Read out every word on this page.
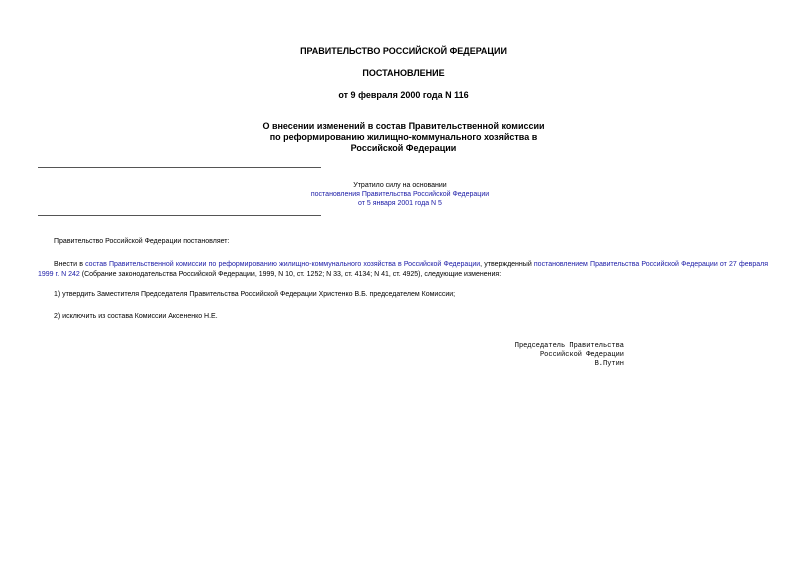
ПРАВИТЕЛЬСТВО РОССИЙСКОЙ ФЕДЕРАЦИИ
ПОСТАНОВЛЕНИЕ
от 9 февраля 2000 года N 116
О внесении изменений в состав Правительственной комиссии
по реформированию жилищно-коммунального хозяйства в
Российской Федерации
Утратило силу на основании
постановления Правительства Российской Федерации
от 5 января 2001 года N 5
Правительство Российской Федерации постановляет:
Внести в состав Правительственной комиссии по реформированию жилищно-коммунального хозяйства в Российской Федерации, утвержденный постановлением Правительства Российской Федерации от 27 февраля 1999 г. N 242 (Собрание законодательства Российской Федерации, 1999, N 10, ст. 1252; N 33, ст. 4134; N 41, ст. 4925), следующие изменения:
1) утвердить Заместителя Председателя Правительства Российской Федерации Христенко В.Б. председателем Комиссии;
2) исключить из состава Комиссии Аксененко Н.Е.
Председатель Правительства
Российской Федерации
В.Путин
